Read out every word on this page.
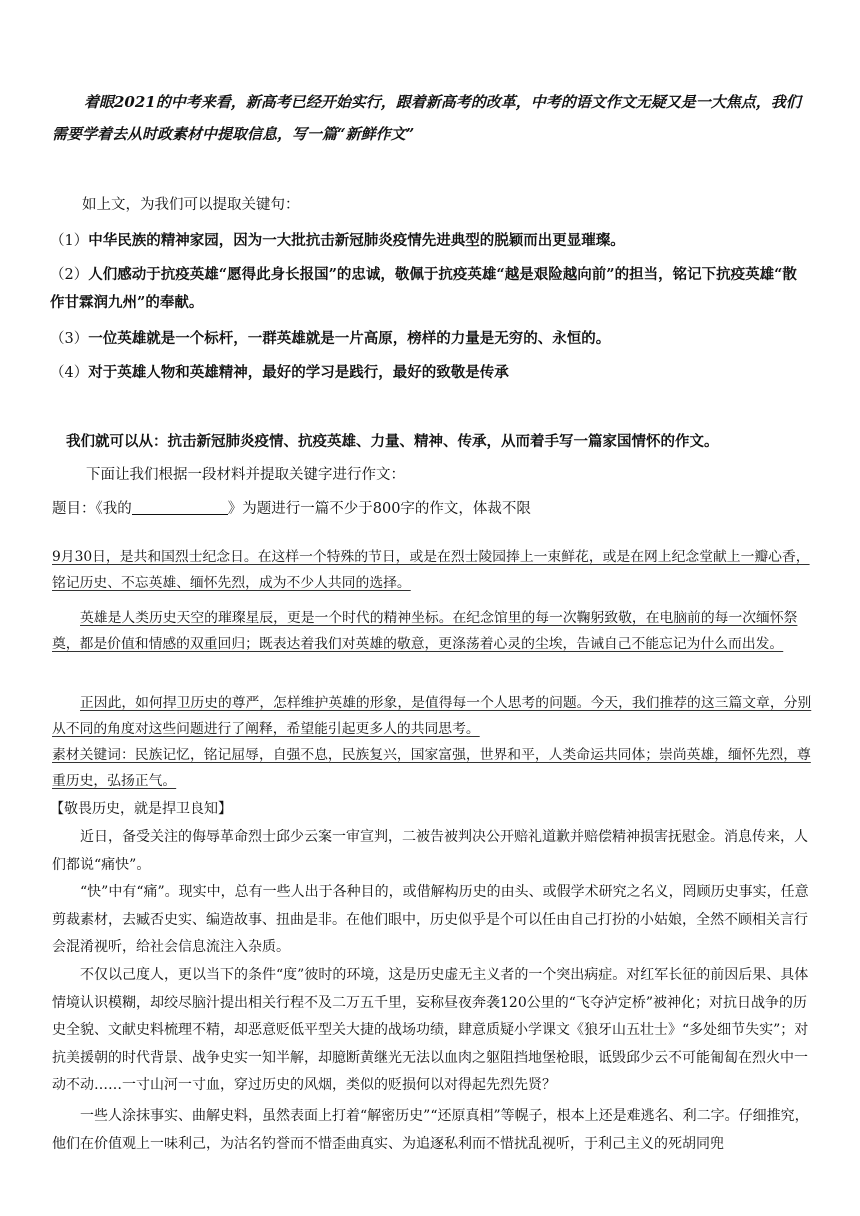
着眼2021的中考来看，新高考已经开始实行，跟着新高考的改革，中考的语文作文无疑又是一大焦点，我们需要学着去从时政素材中提取信息，写一篇“新鲜作文”

如上文，为我们可以提取关键句：

（1）中华民族的精神家园，因为一大批抗击新冠肺炎疫情先进典型的脱颖而出更显璀璨。

（2）人们感动于抗疫英雄“愿得此身长报国”的忠诚，敬佩于抗疫英雄“越是艰险越向前”的担当，铭记下抗疫英雄“散作甘霖润九州”的奉献。

（3）一位英雄就是一个标杆，一群英雄就是一片高原，榜样的力量是无穷的、永恒的。

（4）对于英雄人物和英雄精神，最好的学习是践行，最好的致敬是传承

我们就可以从：抗击新冠肺炎疫情、抗疫英雄、力量、精神、传承，从而着手写一篇家国情怀的作文。

下面让我们根据一段材料并提取关键字进行作文：

题目：《我的	》为题进行一篇不少于800字的作文，体裁不限

9月30日，是共和国烈士纪念日。在这样一个特殊的节日，或是在烈士陵园捧上一束鲜花，或是在网上纪念堂献上一瓣心香，铭记历史、不忘英雄、缅怀先烈，成为不少人共同的选择。

英雄是人类历史天空的璀璨星辰，更是一个时代的精神坐标。在纪念馆里的每一次鞠躬致敬，在电脑前的每一次缅怀祭奠，都是价值和情感的双重回归；既表达着我们对英雄的敬意，更涤荡着心灵的尘埃，告诫自己不能忘记为什么而出发。

正因此，如何捍卫历史的尊严，怎样维护英雄的形象，是值得每一个人思考的问题。今天，我们推荐的这三篇文章，分别从不同的角度对这些问题进行了阐释，希望能引起更多人的共同思考。

素材关键词：民族记忆，铭记屈辱，自强不息，民族复兴，国家富强，世界和平，人类命运共同体；崇尚英雄，缅怀先烈，尊重历史，弘扬正气。

【敬畏历史，就是捍卫良知】

近日，备受关注的侮辱革命烈士邱少云案一审宣判，二被告被判决公开赔礼道歉并赔偿精神损害抚慰金。消息传来，人们都说“痛快”。

“快”中有“痛”。现实中，总有一些人出于各种目的，或借解构历史的由头、或假学术研究之名义，罔顾历史事实，任意剪裁素材，去臧否史实、编造故事、扭曲是非。在他们眼中，历史似乎是个可以任由自己打扮的小姑娘，全然不顾相关言行会混淆视听，给社会信息流注入杂质。

不仅以己度人，更以当下的条件“度”彼时的环境，这是历史虚无主义者的一个突出病症。对红军长征的前因后果、具体情境认识模糊，却绞尽脑汁提出相关行程不及二万五千里，妄称昼夜奔袭120公里的“飞夺泸定桥”被神化；对抗日战争的历史全貌、文献史料梳理不精，却恶意贬低平型关大捷的战场功绩，肆意质疑小学课文《狼牙山五壮士》“多处细节失实”；对抗美援朝的时代背景、战争史实一知半解，却臆断黄继光无法以血肉之躯阻挡地堡枪眼，诋毁邱少云不可能匍匐在烈火中一动不动……一寸山河一寸血，穿过历史的风烟，类似的贬损何以对得起先烈先贤？

一些人涂抹事实、曲解史料，虽然表面上打着“解密历史”“还原真相”等幌子，根本上还是难逃名、利二字。仔细推究，他们在价值观上一味利己，为沽名钓誉而不惜歪曲真实、为追逐私利而不惜扰乱视听，于利己主义的死胡同兜
